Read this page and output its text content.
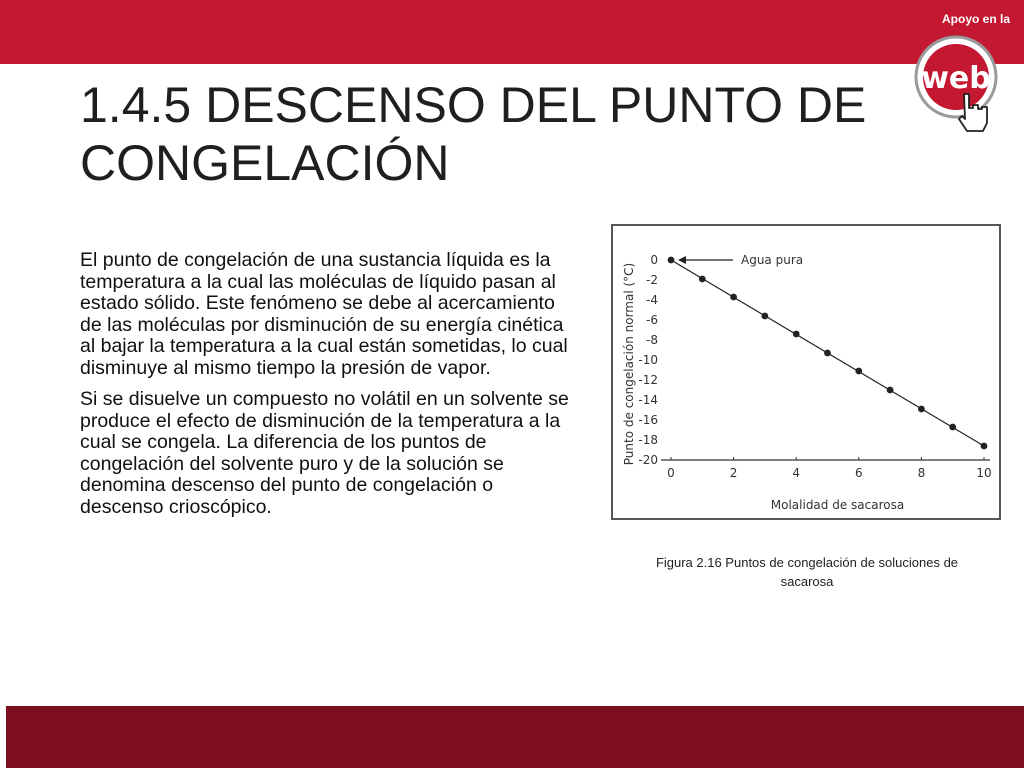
Apoyo en la
web
1.4.5 DESCENSO DEL PUNTO DE
CONGELACIÓN

El punto de congelación de una sustancia líquida es la temperatura a la cual las moléculas de líquido pasan al estado sólido. Este fenómeno se debe al acercamiento de las moléculas por disminución de su energía cinética al bajar la temperatura a la cual están sometidas, lo cual disminuye al mismo tiempo la presión de vapor.

Si se disuelve un compuesto no volátil en un solvente se produce el efecto de disminución de la temperatura a la cual se congela. La diferencia de los puntos de congelación del solvente puro y de la solución se denomina descenso del punto de congelación o descenso crioscópico.

0	2	4	6	8	10
0
-2
-4
-6
-8
-10
-12
-14
-16
-18
-20
Molalidad de sacarosa
Punto de congelación normal (°C)
Agua pura
Figura 2.16 Puntos de congelación de soluciones de sacarosa
